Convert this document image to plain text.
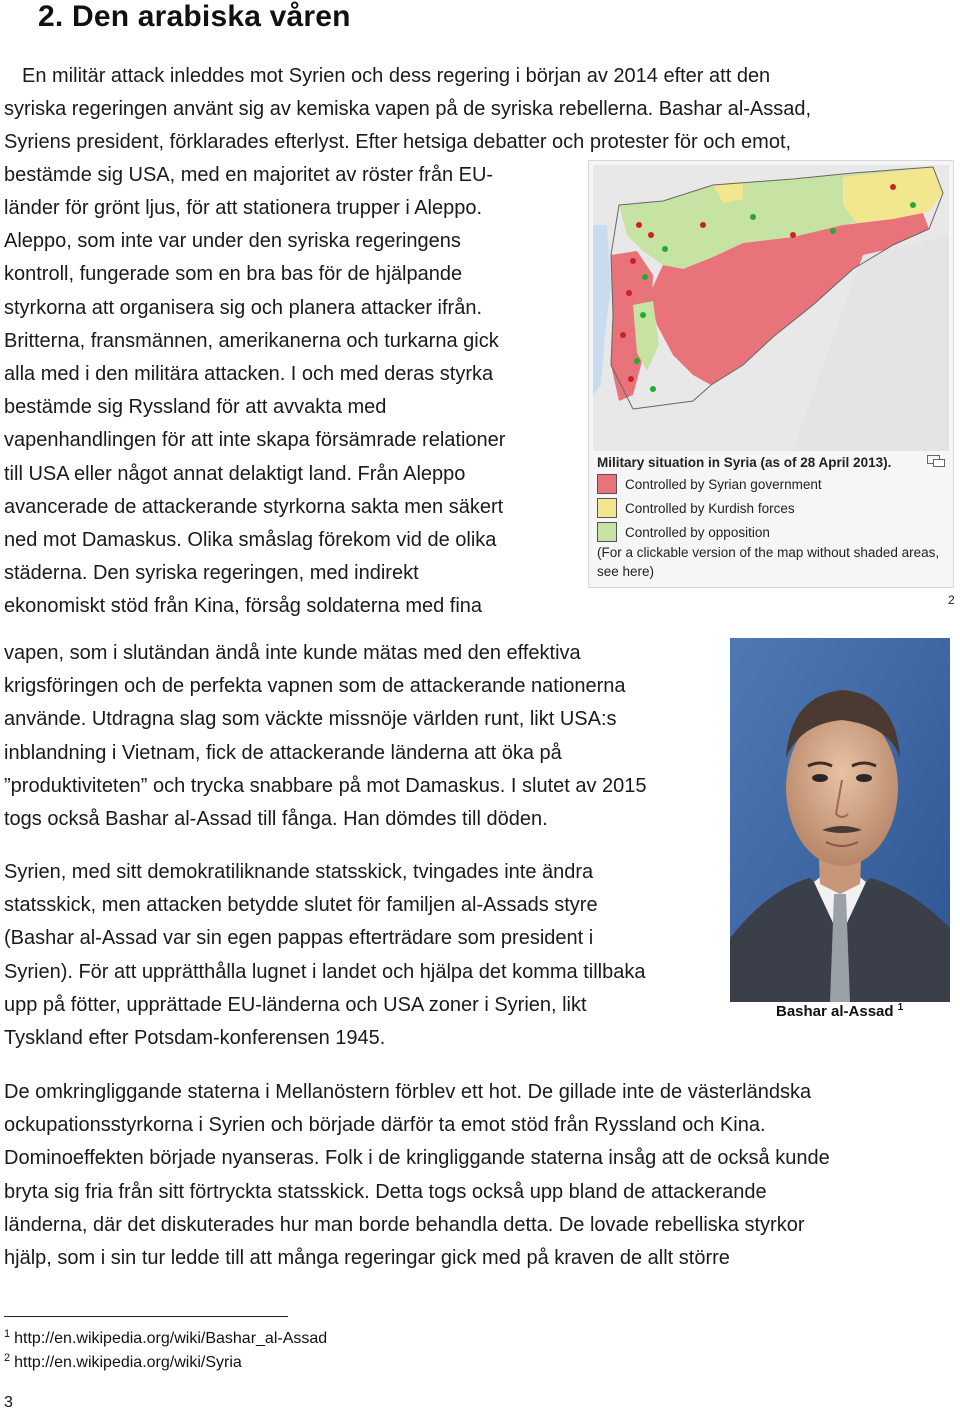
2. Den arabiska våren
En militär attack inleddes mot Syrien och dess regering i början av 2014 efter att den
syriska regeringen använt sig av kemiska vapen på de syriska rebellerna. Bashar al-Assad,
Syriens president, förklarades efterlyst. Efter hetsiga debatter och protester för och emot,
bestämde sig USA, med en majoritet av röster från EU-

länder för grönt ljus, för att stationera trupper i Aleppo.

Aleppo, som inte var under den syriska regeringens

kontroll, fungerade som en bra bas för de hjälpande

styrkorna att organisera sig och planera attacker ifrån.

Britterna, fransmännen, amerikanerna och turkarna gick

alla med i den militära attacken. I och med deras styrka

bestämde sig Ryssland för att avvakta med

vapenhandlingen för att inte skapa försämrade relationer

till USA eller något annat delaktigt land. Från Aleppo

avancerade de attackerande styrkorna sakta men säkert

ned mot Damaskus. Olika småslag förekom vid de olika

städerna. Den syriska regeringen, med indirekt

ekonomiskt stöd från Kina, försåg soldaterna med fina

Military situation in Syria (as of 28 April 2013).
Controlled by Syrian government
Controlled by Kurdish forces
Controlled by opposition
(For a clickable version of the map without shaded areas, see here)
2

vapen, som i slutändan ändå inte kunde mätas med den effektiva

krigsföringen och de perfekta vapnen som de attackerande nationerna

använde. Utdragna slag som väckte missnöje världen runt, likt USA:s

inblandning i Vietnam, fick de attackerande länderna att öka på

”produktiviteten” och trycka snabbare på mot Damaskus. I slutet av 2015

togs också Bashar al-Assad till fånga. Han dömdes till döden.

Bashar al-Assad $^1$

Syrien, med sitt demokratiliknande statsskick, tvingades inte ändra

statsskick, men attacken betydde slutet för familjen al-Assads styre

(Bashar al-Assad var sin egen pappas efterträdare som president i

Syrien). För att upprätthålla lugnet i landet och hjälpa det komma tillbaka

upp på fötter, upprättade EU-länderna och USA zoner i Syrien, likt

Tyskland efter Potsdam-konferensen 1945.

De omkringliggande staterna i Mellanöstern förblev ett hot. De gillade inte de västerländska

ockupationsstyrkorna i Syrien och började därför ta emot stöd från Ryssland och Kina.

Dominoeffekten började nyanseras. Folk i de kringliggande staterna insåg att de också kunde

bryta sig fria från sitt förtryckta statsskick. Detta togs också upp bland de attackerande

länderna, där det diskuterades hur man borde behandla detta. De lovade rebelliska styrkor

hjälp, som i sin tur ledde till att många regeringar gick med på kraven de allt större

$^1$ http://en.wikipedia.org/wiki/Bashar_al-Assad
$^2$ http://en.wikipedia.org/wiki/Syria
3
